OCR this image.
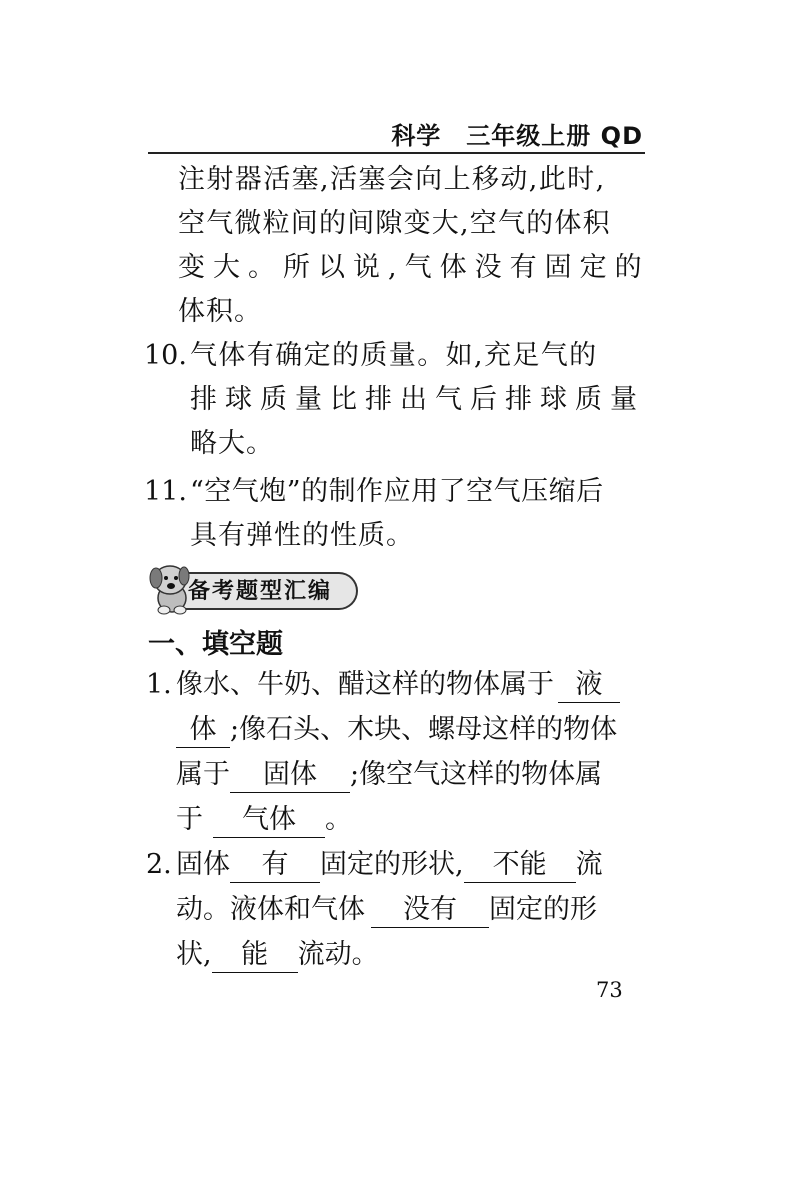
科学　三年级上册 QD
注射器活塞,活塞会向上移动,此时,
空气微粒间的间隙变大,空气的体积
变大。所以说,气体没有固定的
体积。
10. 气体有确定的质量。如,充足气的
排球质量比排出气后排球质量
略大。
11. “空气炮”的制作应用了空气压缩后
具有弹性的性质。
备考题型汇编
一、填空题
1. 像水、牛奶、醋这样的物体属于 液
体 ;像石头、木块、螺母这样的物体
属于 固体 ;像空气这样的物体属
于 气体 。
2. 固体 有 固定的形状, 不能 流
动。液体和气体 没有 固定的形
状, 能 流动。
73
